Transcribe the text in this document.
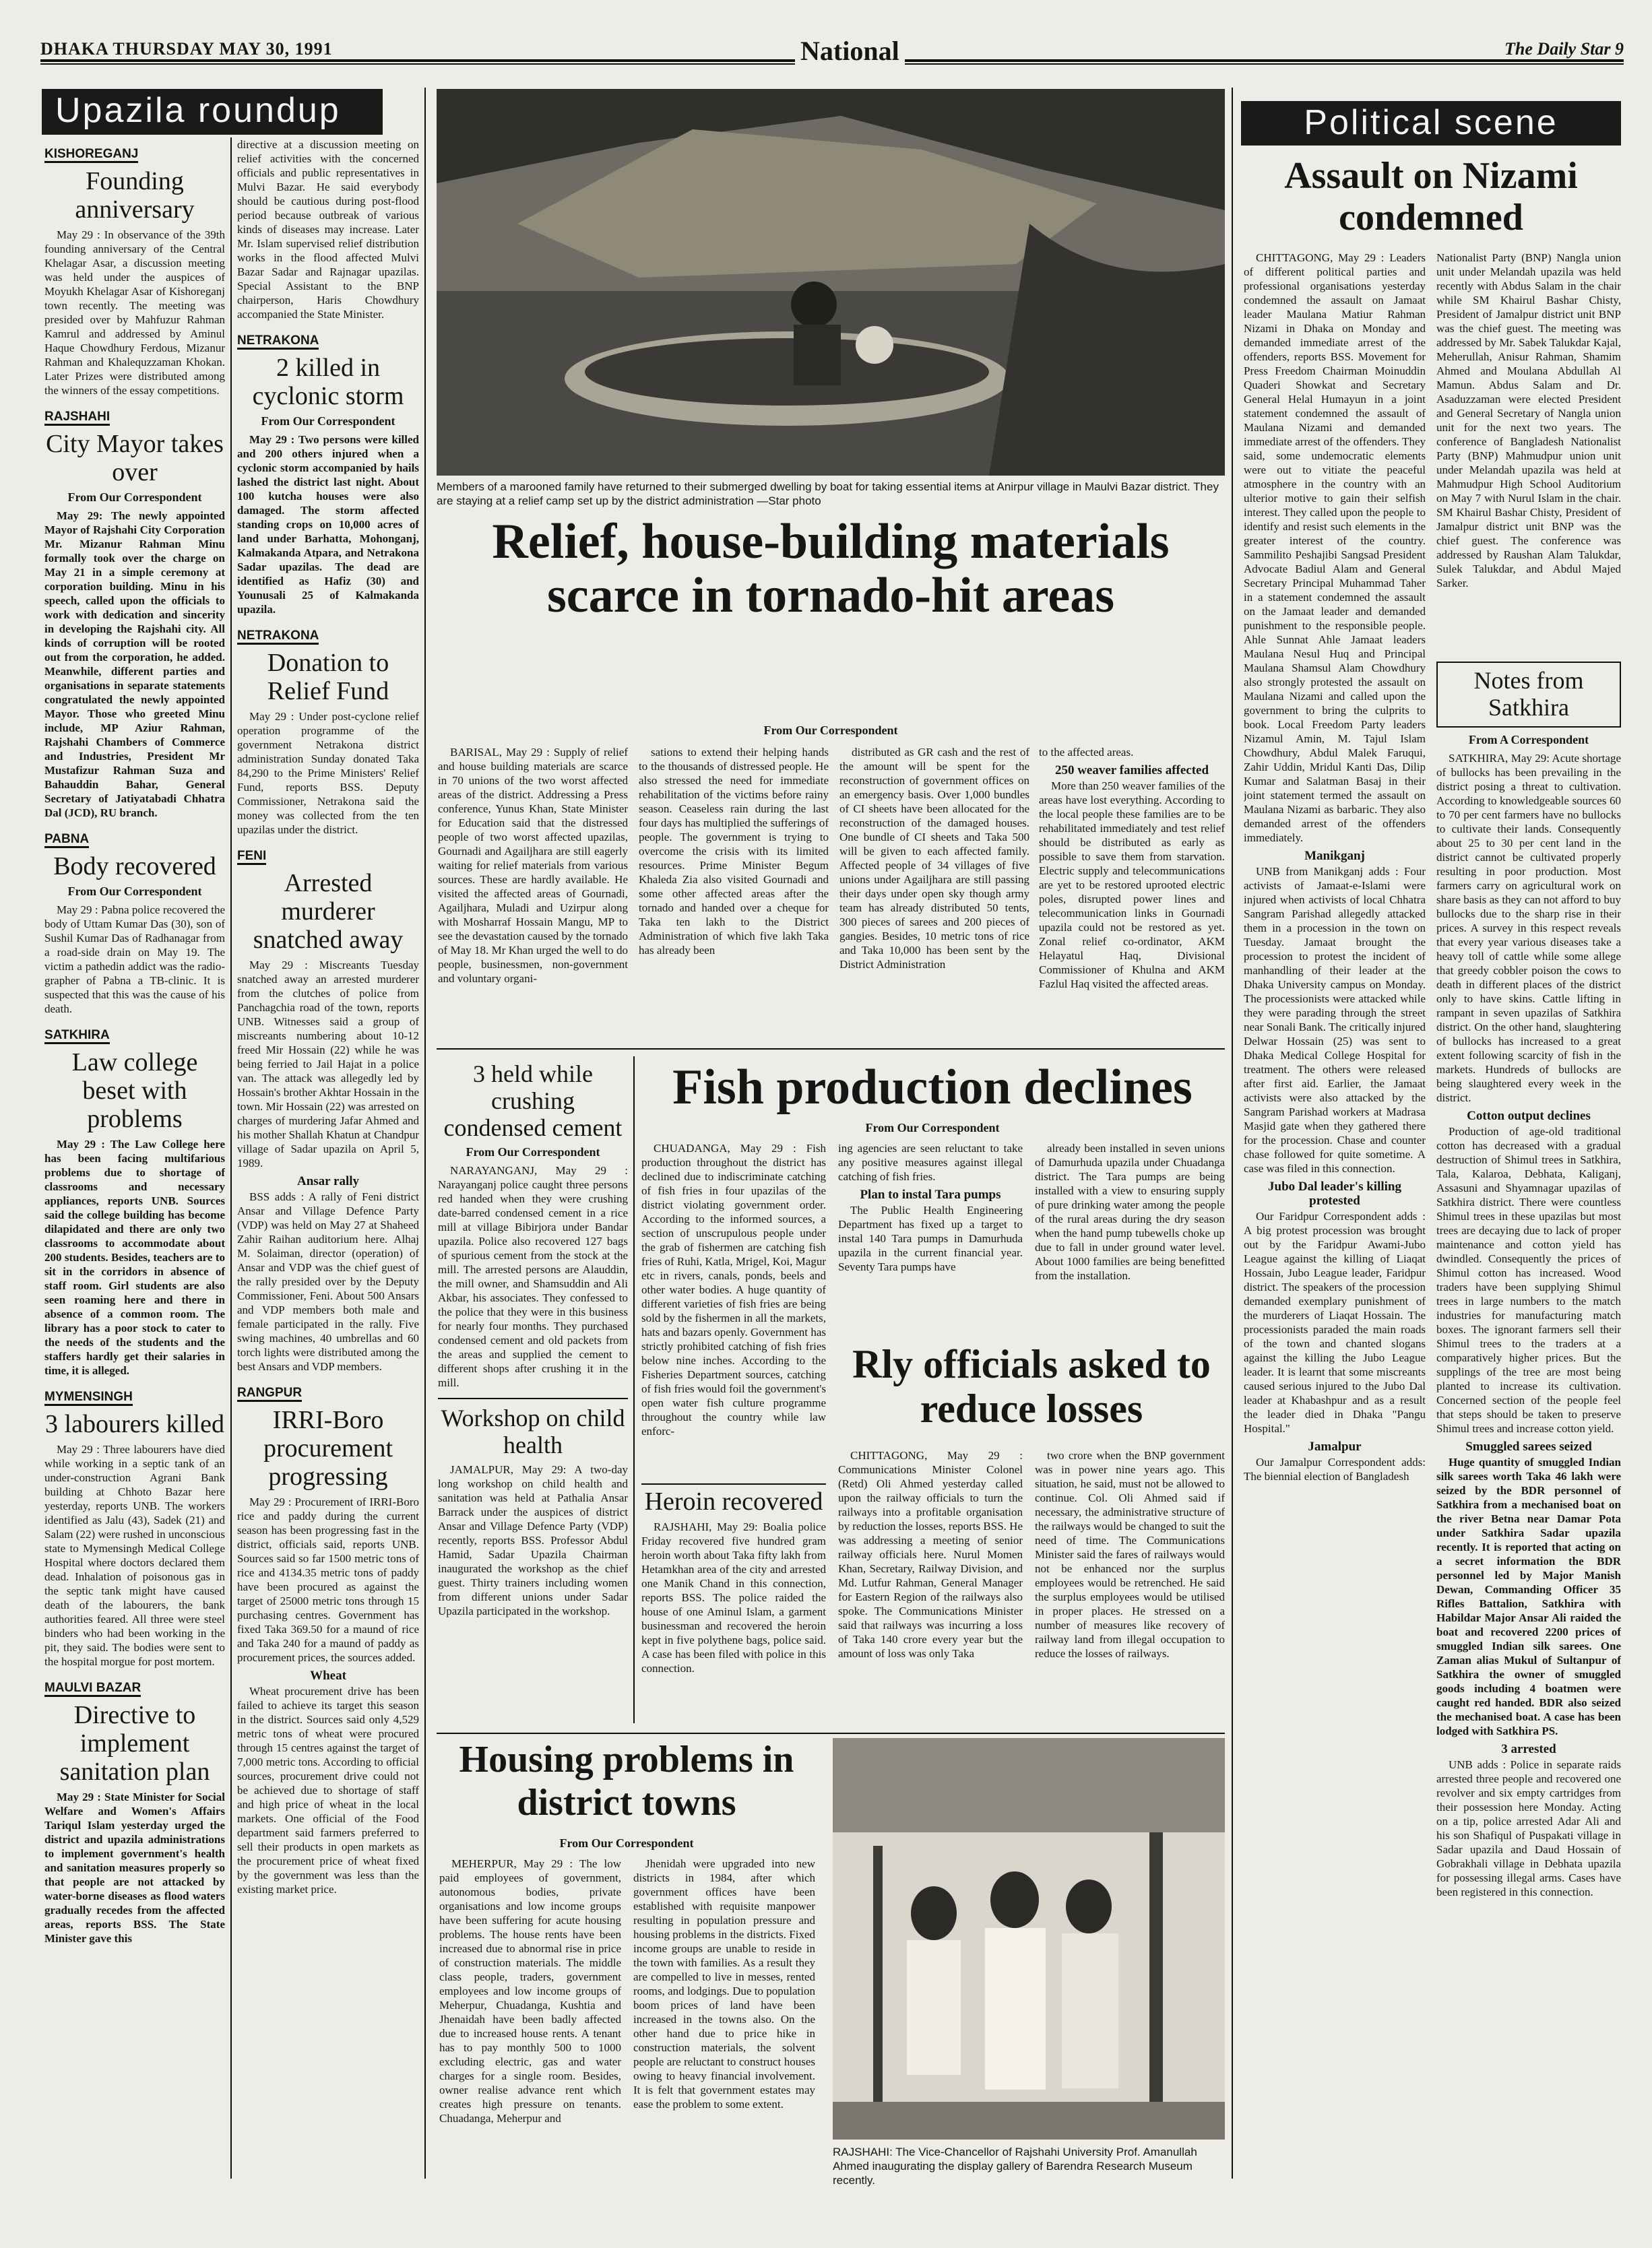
DHAKA THURSDAY MAY 30, 1991	National	The Daily Star 9
Upazila roundup
KISHOREGANJ
Founding anniversary

May 29 : In observance of the 39th founding anniversary of the Central Khelagar Asar, a discussion meeting was held under the auspices of Moyukh Khelagar Asar of Kishoreganj town recently. The meeting was presided over by Mahfuzur Rahman Kamrul and addressed by Aminul Haque Chowdhury Ferdous, Mizanur Rahman and Khalequzzaman Khokan. Later Prizes were distributed among the winners of the essay competitions.

RAJSHAHI
City Mayor takes over
From Our Correspondent

May 29: The newly appointed Mayor of Rajshahi City Corporation Mr. Mizanur Rahman Minu formally took over the charge on May 21 in a simple ceremony at corporation building. Minu in his speech, called upon the officials to work with dedication and sincerity in developing the Rajshahi city. All kinds of corruption will be rooted out from the corporation, he added. Meanwhile, different parties and organisations in separate statements congratulated the newly appointed Mayor. Those who greeted Minu include, MP Aziur Rahman, Rajshahi Chambers of Commerce and Industries, President Mr Mustafizur Rahman Suza and Bahauddin Bahar, General Secretary of Jatiyatabadi Chhatra Dal (JCD), RU branch.

PABNA
Body recovered
From Our Correspondent

May 29 : Pabna police recovered the body of Uttam Kumar Das (30), son of Sushil Kumar Das of Radhanagar from a road-side drain on May 19. The victim a pathedin addict was the radio-grapher of Pabna a TB-clinic. It is suspected that this was the cause of his death.

SATKHIRA
Law college beset with problems

May 29 : The Law College here has been facing multifarious problems due to shortage of classrooms and necessary appliances, reports UNB. Sources said the college building has become dilapidated and there are only two classrooms to accommodate about 200 students. Besides, teachers are to sit in the corridors in absence of staff room. Girl students are also seen roaming here and there in absence of a common room. The library has a poor stock to cater to the needs of the students and the staffers hardly get their salaries in time, it is alleged.

MYMENSINGH
3 labourers killed

May 29 : Three labourers have died while working in a septic tank of an under-construction Agrani Bank building at Chhoto Bazar here yesterday, reports UNB. The workers identified as Jalu (43), Sadek (21) and Salam (22) were rushed in unconscious state to Mymensingh Medical College Hospital where doctors declared them dead. Inhalation of poisonous gas in the septic tank might have caused death of the labourers, the bank authorities feared. All three were steel binders who had been working in the pit, they said. The bodies were sent to the hospital morgue for post mortem.

MAULVI BAZAR
Directive to implement sanitation plan

May 29 : State Minister for Social Welfare and Women's Affairs Tariqul Islam yesterday urged the district and upazila administrations to implement government's health and sanitation measures properly so that people are not attacked by water-borne diseases as flood waters gradually recedes from the affected areas, reports BSS. The State Minister gave this

directive at a discussion meeting on relief activities with the concerned officials and public representatives in Mulvi Bazar. He said everybody should be cautious during post-flood period because outbreak of various kinds of diseases may increase. Later Mr. Islam supervised relief distribution works in the flood affected Mulvi Bazar Sadar and Rajnagar upazilas. Special Assistant to the BNP chairperson, Haris Chowdhury accompanied the State Minister.

NETRAKONA
2 killed in cyclonic storm
From Our Correspondent

May 29 : Two persons were killed and 200 others injured when a cyclonic storm accompanied by hails lashed the district last night. About 100 kutcha houses were also damaged. The storm affected standing crops on 10,000 acres of land under Barhatta, Mohonganj, Kalmakanda Atpara, and Netrakona Sadar upazilas. The dead are identified as Hafiz (30) and Younusali 25 of Kalmakanda upazila.

NETRAKONA
Donation to Relief Fund

May 29 : Under post-cyclone relief operation programme of the government Netrakona district administration Sunday donated Taka 84,290 to the Prime Ministers' Relief Fund, reports BSS. Deputy Commissioner, Netrakona said the money was collected from the ten upazilas under the district.

FENI
Arrested murderer snatched away

May 29 : Miscreants Tuesday snatched away an arrested murderer from the clutches of police from Panchagchia road of the town, reports UNB. Witnesses said a group of miscreants numbering about 10-12 freed Mir Hossain (22) while he was being ferried to Jail Hajat in a police van. The attack was allegedly led by Hossain's brother Akhtar Hossain in the town. Mir Hossain (22) was arrested on charges of murdering Jafar Ahmed and his mother Shallah Khatun at Chandpur village of Sadar upazila on April 5, 1989.

Ansar rally

BSS adds : A rally of Feni district Ansar and Village Defence Party (VDP) was held on May 27 at Shaheed Zahir Raihan auditorium here. Alhaj M. Solaiman, director (operation) of Ansar and VDP was the chief guest of the rally presided over by the Deputy Commissioner, Feni. About 500 Ansars and VDP members both male and female participated in the rally. Five swing machines, 40 umbrellas and 60 torch lights were distributed among the best Ansars and VDP members.

RANGPUR
IRRI-Boro procurement progressing

May 29 : Procurement of IRRI-Boro rice and paddy during the current season has been progressing fast in the district, officials said, reports UNB. Sources said so far 1500 metric tons of rice and 4134.35 metric tons of paddy have been procured as against the target of 25000 metric tons through 15 purchasing centres. Government has fixed Taka 369.50 for a maund of rice and Taka 240 for a maund of paddy as procurement prices, the sources added.

Wheat

Wheat procurement drive has been failed to achieve its target this season in the district. Sources said only 4,529 metric tons of wheat were procured through 15 centres against the target of 7,000 metric tons. According to official sources, procurement drive could not be achieved due to shortage of staff and high price of wheat in the local markets. One official of the Food department said farmers preferred to sell their products in open markets as the procurement price of wheat fixed by the government was less than the existing market price.

Members of a marooned family have returned to their submerged dwelling by boat for taking essential items at Anirpur village in Maulvi Bazar district. They are staying at a relief camp set up by the district administration —Star photo
Relief, house-building materials scarce in tornado-hit areas
From Our Correspondent

BARISAL, May 29 : Supply of relief and house building materials are scarce in 70 unions of the two worst affected areas of the district. Addressing a Press conference, Yunus Khan, State Minister for Education said that the distressed people of two worst affected upazilas, Gournadi and Agailjhara are still eagerly waiting for relief materials from various sources. These are hardly available. He visited the affected areas of Gournadi, Agailjhara, Muladi and Uzirpur along with Mosharraf Hossain Mangu, MP to see the devastation caused by the tornado of May 18. Mr Khan urged the well to do people, businessmen, non-government and voluntary organi-

sations to extend their helping hands to the thousands of distressed people. He also stressed the need for immediate rehabilitation of the victims before rainy season. Ceaseless rain during the last four days has multiplied the sufferings of people. The government is trying to overcome the crisis with its limited resources. Prime Minister Begum Khaleda Zia also visited Gournadi and some other affected areas after the tornado and handed over a cheque for Taka ten lakh to the District Administration of which five lakh Taka has already been

distributed as GR cash and the rest of the amount will be spent for the reconstruction of government offices on an emergency basis. Over 1,000 bundles of CI sheets have been allocated for the reconstruction of the damaged houses. One bundle of CI sheets and Taka 500 will be given to each affected family. Affected people of 34 villages of five unions under Agailjhara are still passing their days under open sky though army team has already distributed 50 tents, 300 pieces of sarees and 200 pieces of gangies. Besides, 10 metric tons of rice and Taka 10,000 has been sent by the District Administration

to the affected areas.

250 weaver families affected

More than 250 weaver families of the areas have lost everything. According to the local people these families are to be rehabilitated immediately and test relief should be distributed as early as possible to save them from starvation. Electric supply and telecommunications are yet to be restored uprooted electric poles, disrupted power lines and telecommunication links in Gournadi upazila could not be restored as yet. Zonal relief co-ordinator, AKM Helayatul Haq, Divisional Commissioner of Khulna and AKM Fazlul Haq visited the affected areas.

3 held while crushing condensed cement
From Our Correspondent

NARAYANGANJ, May 29 : Narayanganj police caught three persons red handed when they were crushing date-barred condensed cement in a rice mill at village Bibirjora under Bandar upazila. Police also recovered 127 bags of spurious cement from the stock at the mill. The arrested persons are Alauddin, the mill owner, and Shamsuddin and Ali Akbar, his associates. They confessed to the police that they were in this business for nearly four months. They purchased condensed cement and old packets from the areas and supplied the cement to different shops after crushing it in the mill.

Workshop on child health

JAMALPUR, May 29: A two-day long workshop on child health and sanitation was held at Pathalia Ansar Barrack under the auspices of district Ansar and Village Defence Party (VDP) recently, reports BSS. Professor Abdul Hamid, Sadar Upazila Chairman inaugurated the workshop as the chief guest. Thirty trainers including women from different unions under Sadar Upazila participated in the workshop.

Fish production declines
From Our Correspondent

CHUADANGA, May 29 : Fish production throughout the district has declined due to indiscriminate catching of fish fries in four upazilas of the district violating government order. According to the informed sources, a section of unscrupulous people under the grab of fishermen are catching fish fries of Ruhi, Katla, Mrigel, Koi, Magur etc in rivers, canals, ponds, beels and other water bodies. A huge quantity of different varieties of fish fries are being sold by the fishermen in all the markets, hats and bazars openly. Government has strictly prohibited catching of fish fries below nine inches. According to the Fisheries Department sources, catching of fish fries would foil the government's open water fish culture programme throughout the country while law enforc-

ing agencies are seen reluctant to take any positive measures against illegal catching of fish fries.

Plan to instal Tara pumps

The Public Health Engineering Department has fixed up a target to instal 140 Tara pumps in Damurhuda upazila in the current financial year. Seventy Tara pumps have

already been installed in seven unions of Damurhuda upazila under Chuadanga district. The Tara pumps are being installed with a view to ensuring supply of pure drinking water among the people of the rural areas during the dry season when the hand pump tubewells choke up due to fall in under ground water level. About 1000 families are being benefitted from the installation.

Heroin recovered

RAJSHAHI, May 29: Boalia police Friday recovered five hundred gram heroin worth about Taka fifty lakh from Hetamkhan area of the city and arrested one Manik Chand in this connection, reports BSS. The police raided the house of one Aminul Islam, a garment businessman and recovered the heroin kept in five polythene bags, police said. A case has been filed with police in this connection.

Rly officials asked to reduce losses

CHITTAGONG, May 29 : Communications Minister Colonel (Retd) Oli Ahmed yesterday called upon the railway officials to turn the railways into a profitable organisation by reduction the losses, reports BSS. He was addressing a meeting of senior railway officials here. Nurul Momen Khan, Secretary, Railway Division, and Md. Lutfur Rahman, General Manager for Eastern Region of the railways also spoke. The Communications Minister said that railways was incurring a loss of Taka 140 crore every year but the amount of loss was only Taka

two crore when the BNP government was in power nine years ago. This situation, he said, must not be allowed to continue. Col. Oli Ahmed said if necessary, the administrative structure of the railways would be changed to suit the need of time. The Communications Minister said the fares of railways would not be enhanced nor the surplus employees would be retrenched. He said the surplus employees would be utilised in proper places. He stressed on a number of measures like recovery of railway land from illegal occupation to reduce the losses of railways.

Housing problems in district towns
From Our Correspondent

MEHERPUR, May 29 : The low paid employees of government, autonomous bodies, private organisations and low income groups have been suffering for acute housing problems. The house rents have been increased due to abnormal rise in price of construction materials. The middle class people, traders, government employees and low income groups of Meherpur, Chuadanga, Kushtia and Jhenaidah have been badly affected due to increased house rents. A tenant has to pay monthly 500 to 1000 excluding electric, gas and water charges for a single room. Besides, owner realise advance rent which creates high pressure on tenants. Chuadanga, Meherpur and

Jhenidah were upgraded into new districts in 1984, after which government offices have been established with requisite manpower resulting in population pressure and housing problems in the districts. Fixed income groups are unable to reside in the town with families. As a result they are compelled to live in messes, rented rooms, and lodgings. Due to population boom prices of land have been increased in the towns also. On the other hand due to price hike in construction materials, the solvent people are reluctant to construct houses owing to heavy financial involvement. It is felt that government estates may ease the problem to some extent.

RAJSHAHI: The Vice-Chancellor of Rajshahi University Prof. Amanullah Ahmed inaugurating the display gallery of Barendra Research Museum recently.
Political scene
Assault on Nizami condemned

CHITTAGONG, May 29 : Leaders of different political parties and professional organisations yesterday condemned the assault on Jamaat leader Maulana Matiur Rahman Nizami in Dhaka on Monday and demanded immediate arrest of the offenders, reports BSS. Movement for Press Freedom Chairman Moinuddin Quaderi Showkat and Secretary General Helal Humayun in a joint statement condemned the assault of Maulana Nizami and demanded immediate arrest of the offenders. They said, some undemocratic elements were out to vitiate the peaceful atmosphere in the country with an ulterior motive to gain their selfish interest. They called upon the people to identify and resist such elements in the greater interest of the country. Sammilito Peshajibi Sangsad President Advocate Badiul Alam and General Secretary Principal Muhammad Taher in a statement condemned the assault on the Jamaat leader and demanded punishment to the responsible people. Ahle Sunnat Ahle Jamaat leaders Maulana Nesul Huq and Principal Maulana Shamsul Alam Chowdhury also strongly protested the assault on Maulana Nizami and called upon the government to bring the culprits to book. Local Freedom Party leaders Nizamul Amin, M. Tajul Islam Chowdhury, Abdul Malek Faruqui, Zahir Uddin, Mridul Kanti Das, Dilip Kumar and Salatman Basaj in their joint statement termed the assault on Maulana Nizami as barbaric. They also demanded arrest of the offenders immediately.

Manikganj

UNB from Manikganj adds : Four activists of Jamaat-e-Islami were injured when activists of local Chhatra Sangram Parishad allegedly attacked them in a procession in the town on Tuesday. Jamaat brought the procession to protest the incident of manhandling of their leader at the Dhaka University campus on Monday. The processionists were attacked while they were parading through the street near Sonali Bank. The critically injured Delwar Hossain (25) was sent to Dhaka Medical College Hospital for treatment. The others were released after first aid. Earlier, the Jamaat activists were also attacked by the Sangram Parishad workers at Madrasa Masjid gate when they gathered there for the procession. Chase and counter chase followed for quite sometime. A case was filed in this connection.

Jubo Dal leader's killing protested

Our Faridpur Correspondent adds : A big protest procession was brought out by the Faridpur Awami-Jubo League against the killing of Liaqat Hossain, Jubo League leader, Faridpur district. The speakers of the procession demanded exemplary punishment of the murderers of Liaqat Hossain. The processionists paraded the main roads of the town and chanted slogans against the killing the Jubo League leader. It is learnt that some miscreants caused serious injured to the Jubo Dal leader at Khabashpur and as a result the leader died in Dhaka "Pangu Hospital."

Jamalpur

Our Jamalpur Correspondent adds: The biennial election of Bangladesh

Nationalist Party (BNP) Nangla union unit under Melandah upazila was held recently with Abdus Salam in the chair while SM Khairul Bashar Chisty, President of Jamalpur district unit BNP was the chief guest. The meeting was addressed by Mr. Sabek Talukdar Kajal, Meherullah, Anisur Rahman, Shamim Ahmed and Moulana Abdullah Al Mamun. Abdus Salam and Dr. Asaduzzaman were elected President and General Secretary of Nangla union unit for the next two years. The conference of Bangladesh Nationalist Party (BNP) Mahmudpur union unit under Melandah upazila was held at Mahmudpur High School Auditorium on May 7 with Nurul Islam in the chair. SM Khairul Bashar Chisty, President of Jamalpur district unit BNP was the chief guest. The conference was addressed by Raushan Alam Talukdar, Sulek Talukdar, and Abdul Majed Sarker.

Notes from Satkhira
From A Correspondent

SATKHIRA, May 29: Acute shortage of bullocks has been prevailing in the district posing a threat to cultivation. According to knowledgeable sources 60 to 70 per cent farmers have no bullocks to cultivate their lands. Consequently about 25 to 30 per cent land in the district cannot be cultivated properly resulting in poor production. Most farmers carry on agricultural work on share basis as they can not afford to buy bullocks due to the sharp rise in their prices. A survey in this respect reveals that every year various diseases take a heavy toll of cattle while some allege that greedy cobbler poison the cows to death in different places of the district only to have skins. Cattle lifting in rampant in seven upazilas of Satkhira district. On the other hand, slaughtering of bullocks has increased to a great extent following scarcity of fish in the markets. Hundreds of bullocks are being slaughtered every week in the district.

Cotton output declines

Production of age-old traditional cotton has decreased with a gradual destruction of Shimul trees in Satkhira, Tala, Kalaroa, Debhata, Kaliganj, Assasuni and Shyamnagar upazilas of Satkhira district. There were countless Shimul trees in these upazilas but most trees are decaying due to lack of proper maintenance and cotton yield has dwindled. Consequently the prices of Shimul cotton has increased. Wood traders have been supplying Shimul trees in large numbers to the match industries for manufacturing match boxes. The ignorant farmers sell their Shimul trees to the traders at a comparatively higher prices. But the supplings of the tree are most being planted to increase its cultivation. Concerned section of the people feel that steps should be taken to preserve Shimul trees and increase cotton yield.

Smuggled sarees seized

Huge quantity of smuggled Indian silk sarees worth Taka 46 lakh were seized by the BDR personnel of Satkhira from a mechanised boat on the river Betna near Damar Pota under Satkhira Sadar upazila recently. It is reported that acting on a secret information the BDR personnel led by Major Manish Dewan, Commanding Officer 35 Rifles Battalion, Satkhira with Habildar Major Ansar Ali raided the boat and recovered 2200 prices of smuggled Indian silk sarees. One Zaman alias Mukul of Sultanpur of Satkhira the owner of smuggled goods including 4 boatmen were caught red handed. BDR also seized the mechanised boat. A case has been lodged with Satkhira PS.

3 arrested

UNB adds : Police in separate raids arrested three people and recovered one revolver and six empty cartridges from their possession here Monday. Acting on a tip, police arrested Adar Ali and his son Shafiqul of Puspakati village in Sadar upazila and Daud Hossain of Gobrakhali village in Debhata upazila for possessing illegal arms. Cases have been registered in this connection.
